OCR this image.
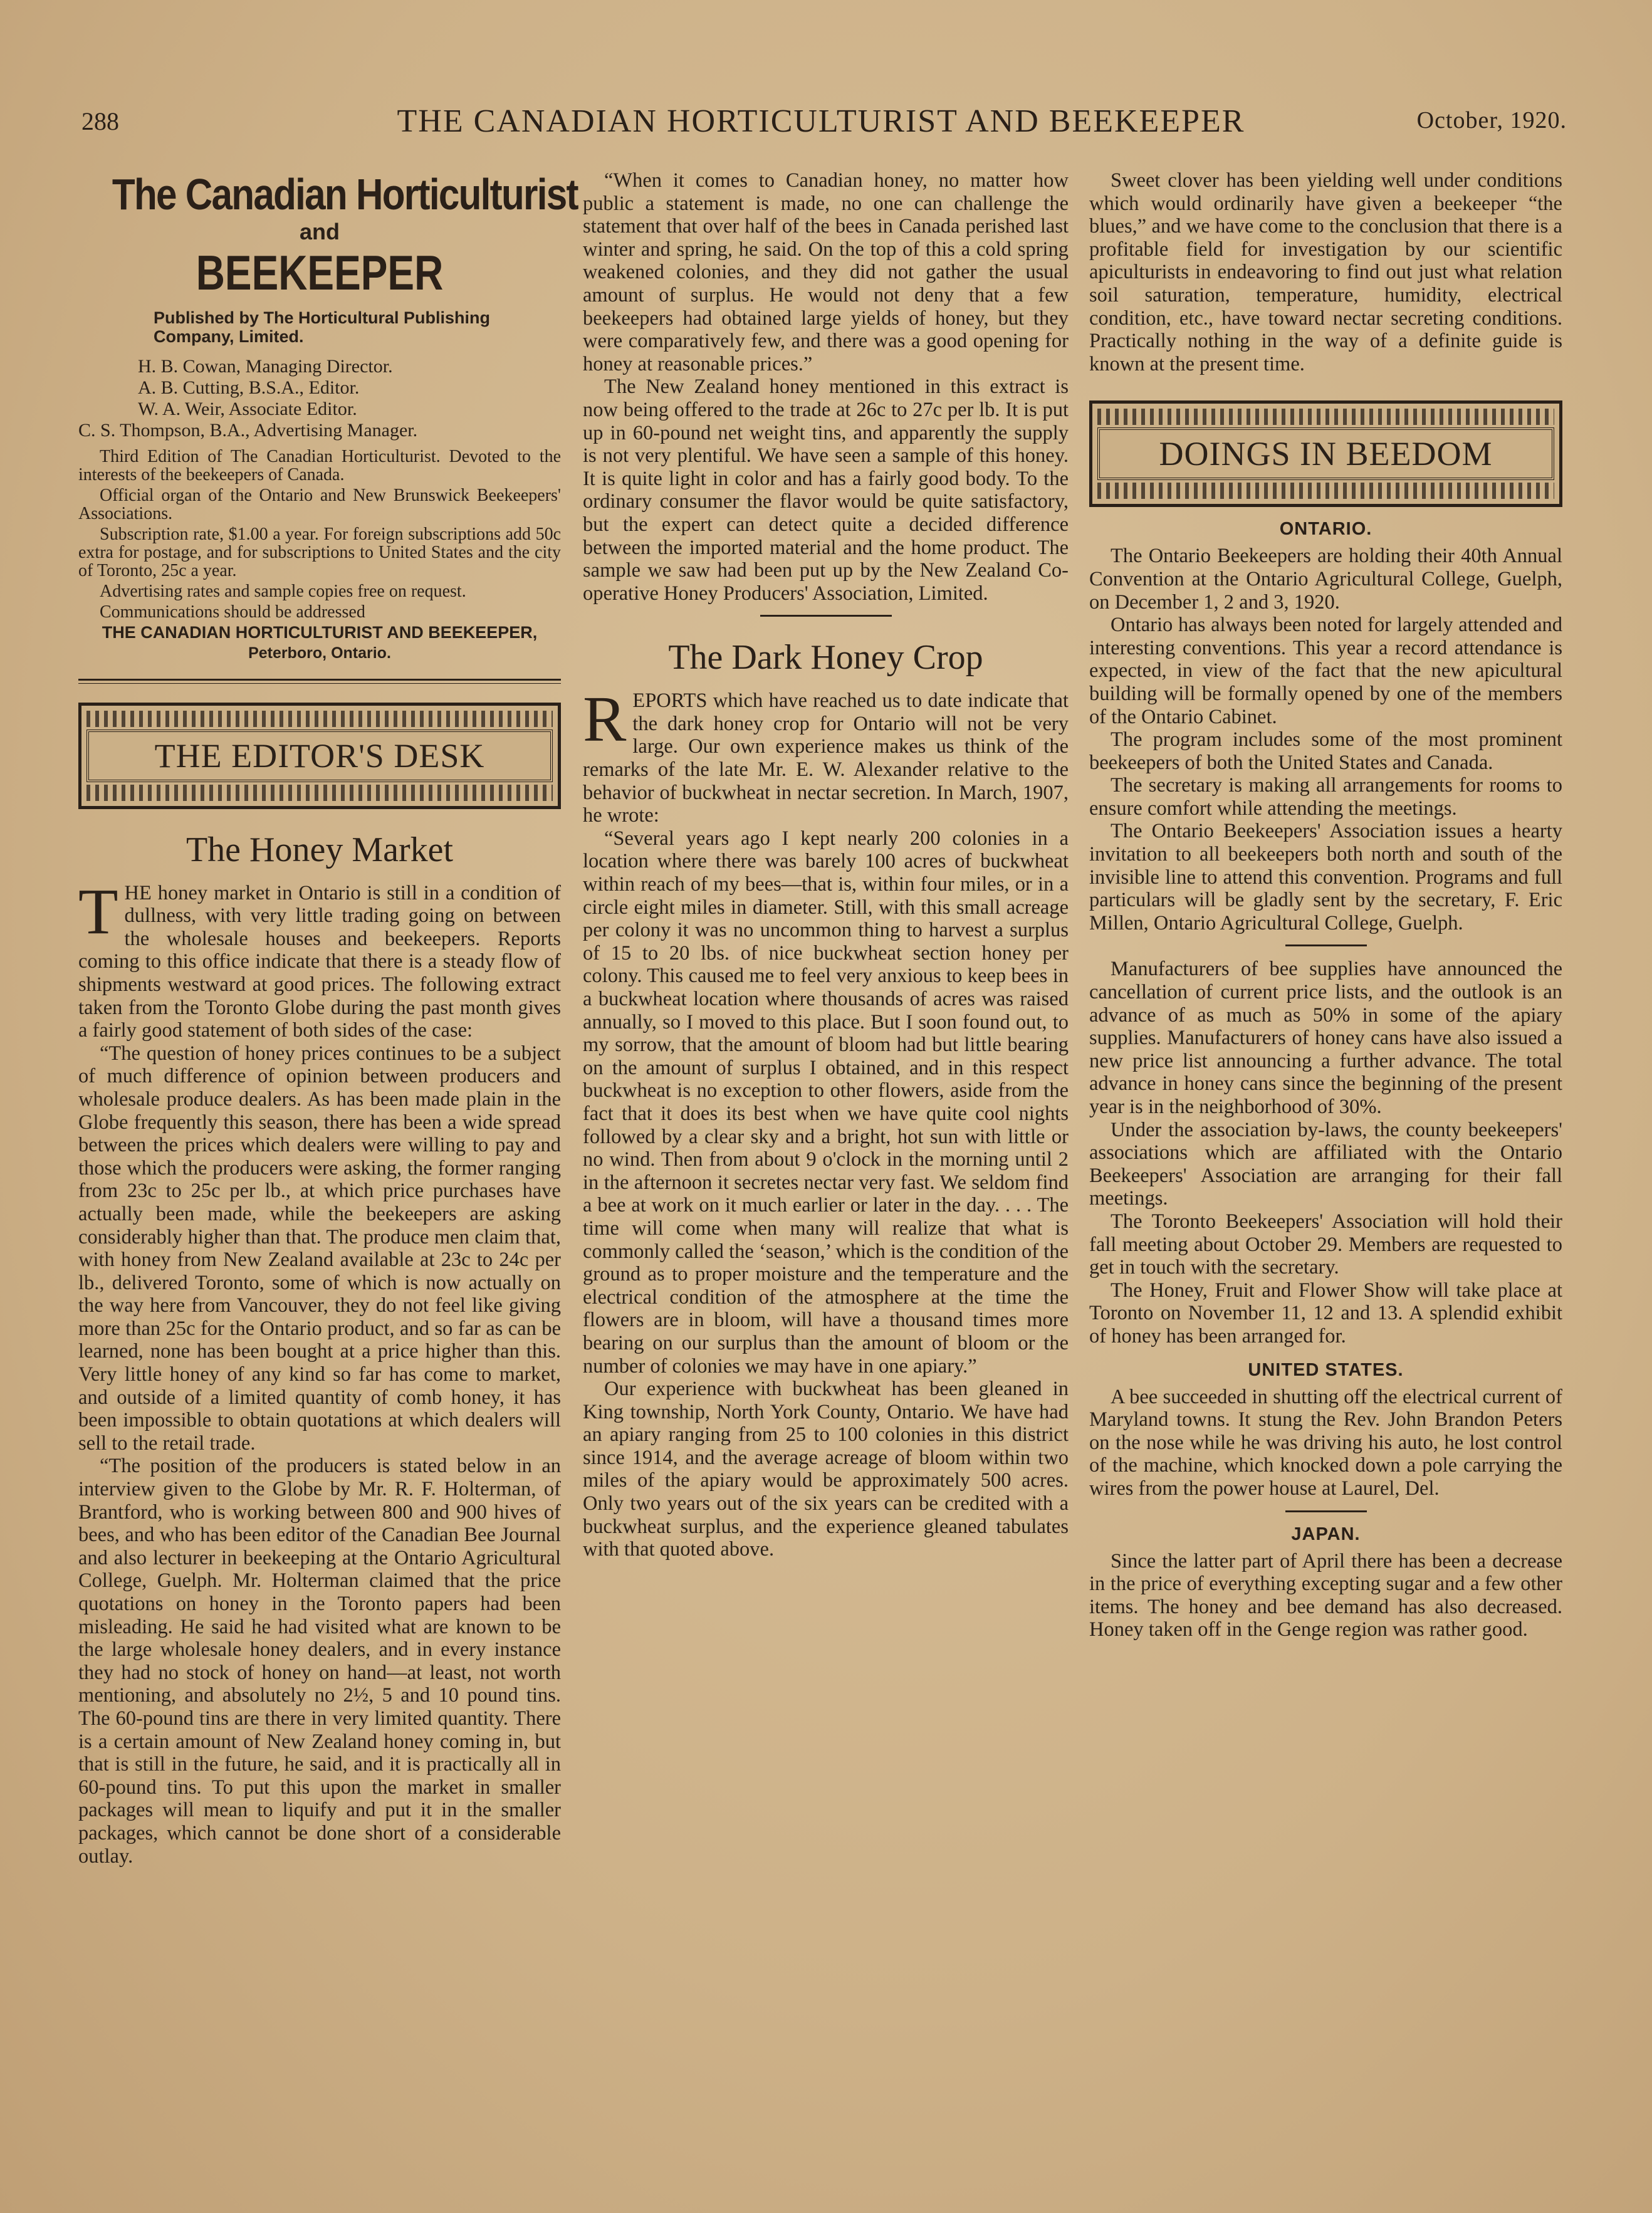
288	THE CANADIAN HORTICULTURIST AND BEEKEEPER	October, 1920.
The Canadian Horticulturist
and
BEEKEEPER
Published by The Horticultural Publishing Company, Limited.
H. B. Cowan, Managing Director.
A. B. Cutting, B.S.A., Editor.
W. A. Weir, Associate Editor.
C. S. Thompson, B.A., Advertising Manager.

Third Edition of The Canadian Horticulturist. Devoted to the interests of the beekeepers of Canada.

Official organ of the Ontario and New Brunswick Beekeepers' Associations.

Subscription rate, $1.00 a year. For foreign subscriptions add 50c extra for postage, and for subscriptions to United States and the city of Toronto, 25c a year.

Advertising rates and sample copies free on request.

Communications should be addressed

THE CANADIAN HORTICULTURIST AND BEEKEEPER,
Peterboro, Ontario.
THE EDITOR'S DESK
The Honey Market

THE honey market in Ontario is still in a condition of dullness, with very little trading going on between the wholesale houses and beekeepers. Reports coming to this office indicate that there is a steady flow of shipments westward at good prices. The following extract taken from the Toronto Globe during the past month gives a fairly good statement of both sides of the case:

“The question of honey prices continues to be a subject of much difference of opinion between producers and wholesale produce dealers. As has been made plain in the Globe frequently this season, there has been a wide spread between the prices which dealers were willing to pay and those which the producers were asking, the former ranging from 23c to 25c per lb., at which price purchases have actually been made, while the beekeepers are asking considerably higher than that. The produce men claim that, with honey from New Zealand available at 23c to 24c per lb., delivered Toronto, some of which is now actually on the way here from Vancouver, they do not feel like giving more than 25c for the Ontario product, and so far as can be learned, none has been bought at a price higher than this. Very little honey of any kind so far has come to market, and outside of a limited quantity of comb honey, it has been impossible to obtain quotations at which dealers will sell to the retail trade.

“The position of the producers is stated below in an interview given to the Globe by Mr. R. F. Holterman, of Brantford, who is working between 800 and 900 hives of bees, and who has been editor of the Canadian Bee Journal and also lecturer in beekeeping at the Ontario Agricultural College, Guelph. Mr. Holterman claimed that the price quotations on honey in the Toronto papers had been misleading. He said he had visited what are known to be the large wholesale honey dealers, and in every instance they had no stock of honey on hand—at least, not worth mentioning, and absolutely no 2½, 5 and 10 pound tins. The 60-pound tins are there in very limited quantity. There is a certain amount of New Zealand honey coming in, but that is still in the future, he said, and it is practically all in 60-pound tins. To put this upon the market in smaller packages will mean to liquify and put it in the smaller packages, which cannot be done short of a considerable outlay.

“When it comes to Canadian honey, no matter how public a statement is made, no one can challenge the statement that over half of the bees in Canada perished last winter and spring, he said. On the top of this a cold spring weakened colonies, and they did not gather the usual amount of surplus. He would not deny that a few beekeepers had obtained large yields of honey, but they were comparatively few, and there was a good opening for honey at reasonable prices.”

The New Zealand honey mentioned in this extract is now being offered to the trade at 26c to 27c per lb. It is put up in 60-pound net weight tins, and apparently the supply is not very plentiful. We have seen a sample of this honey. It is quite light in color and has a fairly good body. To the ordinary consumer the flavor would be quite satisfactory, but the expert can detect quite a decided difference between the imported material and the home product. The sample we saw had been put up by the New Zealand Co-operative Honey Producers' Association, Limited.

The Dark Honey Crop

REPORTS which have reached us to date indicate that the dark honey crop for Ontario will not be very large. Our own experience makes us think of the remarks of the late Mr. E. W. Alexander relative to the behavior of buckwheat in nectar secretion. In March, 1907, he wrote:

“Several years ago I kept nearly 200 colonies in a location where there was barely 100 acres of buckwheat within reach of my bees—that is, within four miles, or in a circle eight miles in diameter. Still, with this small acreage per colony it was no uncommon thing to harvest a surplus of 15 to 20 lbs. of nice buckwheat section honey per colony. This caused me to feel very anxious to keep bees in a buckwheat location where thousands of acres was raised annually, so I moved to this place. But I soon found out, to my sorrow, that the amount of bloom had but little bearing on the amount of surplus I obtained, and in this respect buckwheat is no exception to other flowers, aside from the fact that it does its best when we have quite cool nights followed by a clear sky and a bright, hot sun with little or no wind. Then from about 9 o'clock in the morning until 2 in the afternoon it secretes nectar very fast. We seldom find a bee at work on it much earlier or later in the day. . . . The time will come when many will realize that what is commonly called the ‘season,’ which is the condition of the ground as to proper moisture and the temperature and the electrical condition of the atmosphere at the time the flowers are in bloom, will have a thousand times more bearing on our surplus than the amount of bloom or the number of colonies we may have in one apiary.”

Our experience with buckwheat has been gleaned in King township, North York County, Ontario. We have had an apiary ranging from 25 to 100 colonies in this district since 1914, and the average acreage of bloom within two miles of the apiary would be approximately 500 acres. Only two years out of the six years can be credited with a buckwheat surplus, and the experience gleaned tabulates with that quoted above.

Sweet clover has been yielding well under conditions which would ordinarily have given a beekeeper “the blues,” and we have come to the conclusion that there is a profitable field for investigation by our scientific apiculturists in endeavoring to find out just what relation soil saturation, temperature, humidity, electrical condition, etc., have toward nectar secreting conditions. Practically nothing in the way of a definite guide is known at the present time.

DOINGS IN BEEDOM
ONTARIO.

The Ontario Beekeepers are holding their 40th Annual Convention at the Ontario Agricultural College, Guelph, on December 1, 2 and 3, 1920.

Ontario has always been noted for largely attended and interesting conventions. This year a record attendance is expected, in view of the fact that the new apicultural building will be formally opened by one of the members of the Ontario Cabinet.

The program includes some of the most prominent beekeepers of both the United States and Canada.

The secretary is making all arrangements for rooms to ensure comfort while attending the meetings.

The Ontario Beekeepers' Association issues a hearty invitation to all beekeepers both north and south of the invisible line to attend this convention. Programs and full particulars will be gladly sent by the secretary, F. Eric Millen, Ontario Agricultural College, Guelph.

Manufacturers of bee supplies have announced the cancellation of current price lists, and the outlook is an advance of as much as 50% in some of the apiary supplies. Manufacturers of honey cans have also issued a new price list announcing a further advance. The total advance in honey cans since the beginning of the present year is in the neighborhood of 30%.

Under the association by-laws, the county beekeepers' associations which are affiliated with the Ontario Beekeepers' Association are arranging for their fall meetings.

The Toronto Beekeepers' Association will hold their fall meeting about October 29. Members are requested to get in touch with the secretary.

The Honey, Fruit and Flower Show will take place at Toronto on November 11, 12 and 13. A splendid exhibit of honey has been arranged for.

UNITED STATES.

A bee succeeded in shutting off the electrical current of Maryland towns. It stung the Rev. John Brandon Peters on the nose while he was driving his auto, he lost control of the machine, which knocked down a pole carrying the wires from the power house at Laurel, Del.

JAPAN.

Since the latter part of April there has been a decrease in the price of everything excepting sugar and a few other items. The honey and bee demand has also decreased. Honey taken off in the Genge region was rather good.
